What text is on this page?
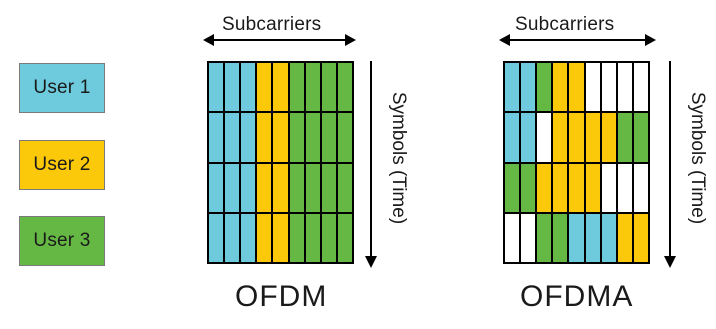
User 1
User 2
User 3
Subcarriers
Symbols (Time)
OFDM
Subcarriers
Symbols (Time)
OFDMA
